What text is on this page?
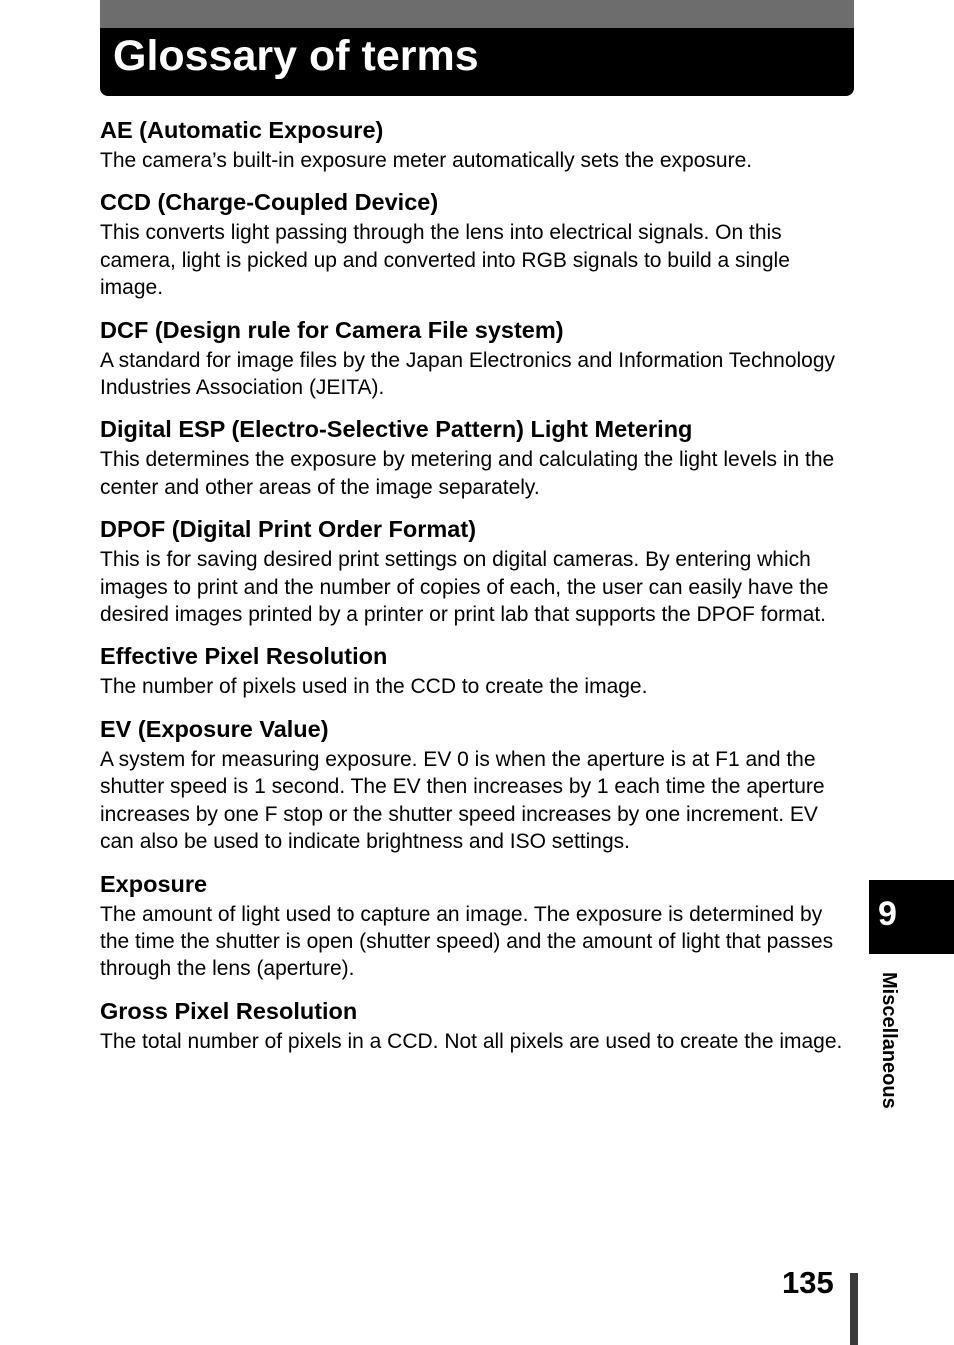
Glossary of terms
AE (Automatic Exposure)

The camera’s built-in exposure meter automatically sets the exposure.

CCD (Charge-Coupled Device)

This converts light passing through the lens into electrical signals. On this camera, light is picked up and converted into RGB signals to build a single image.

DCF (Design rule for Camera File system)

A standard for image files by the Japan Electronics and Information Technology Industries Association (JEITA).

Digital ESP (Electro-Selective Pattern) Light Metering

This determines the exposure by metering and calculating the light levels in the center and other areas of the image separately.

DPOF (Digital Print Order Format)

This is for saving desired print settings on digital cameras. By entering which images to print and the number of copies of each, the user can easily have the desired images printed by a printer or print lab that supports the DPOF format.

Effective Pixel Resolution

The number of pixels used in the CCD to create the image.

EV (Exposure Value)

A system for measuring exposure. EV 0 is when the aperture is at F1 and the shutter speed is 1 second. The EV then increases by 1 each time the aperture increases by one F stop or the shutter speed increases by one increment. EV can also be used to indicate brightness and ISO settings.

Exposure

The amount of light used to capture an image. The exposure is determined by the time the shutter is open (shutter speed) and the amount of light that passes through the lens (aperture).

Gross Pixel Resolution

The total number of pixels in a CCD. Not all pixels are used to create the image.

9
Miscellaneous
135
